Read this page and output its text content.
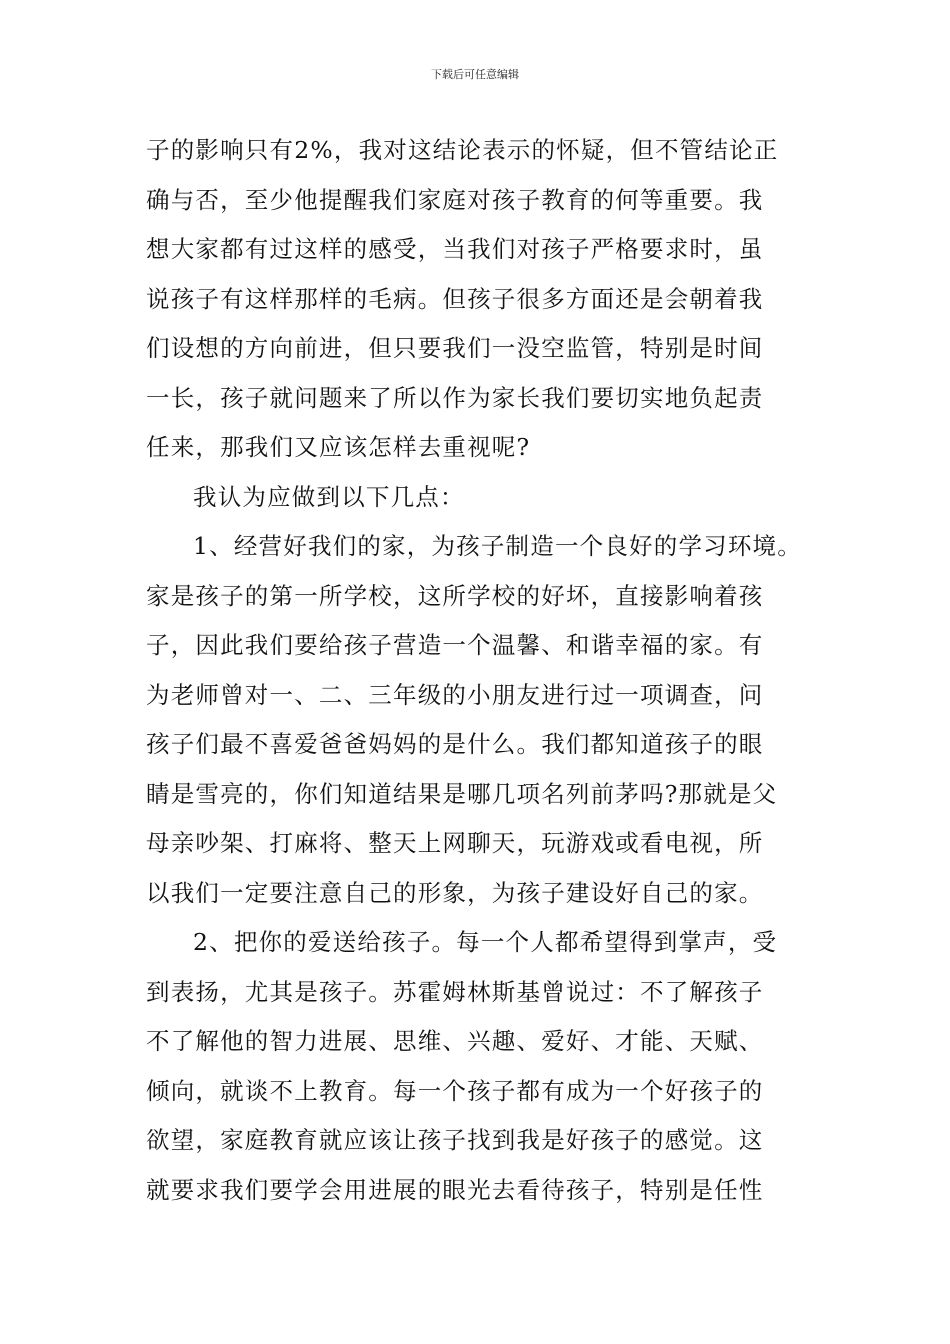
下载后可任意编辑
子的影响只有2%，我对这结论表示的怀疑，但不管结论正
确与否，至少他提醒我们家庭对孩子教育的何等重要。我
想大家都有过这样的感受，当我们对孩子严格要求时，虽
说孩子有这样那样的毛病。但孩子很多方面还是会朝着我
们设想的方向前进，但只要我们一没空监管，特别是时间
一长，孩子就问题来了所以作为家长我们要切实地负起责
任来，那我们又应该怎样去重视呢?
我认为应做到以下几点：
1、经营好我们的家，为孩子制造一个良好的学习环境。
家是孩子的第一所学校，这所学校的好坏，直接影响着孩
子，因此我们要给孩子营造一个温馨、和谐幸福的家。有
为老师曾对一、二、三年级的小朋友进行过一项调查，问
孩子们最不喜爱爸爸妈妈的是什么。我们都知道孩子的眼
睛是雪亮的，你们知道结果是哪几项名列前茅吗?那就是父
母亲吵架、打麻将、整天上网聊天，玩游戏或看电视，所
以我们一定要注意自己的形象，为孩子建设好自己的家。
2、把你的爱送给孩子。每一个人都希望得到掌声，受
到表扬，尤其是孩子。苏霍姆林斯基曾说过：不了解孩子
不了解他的智力进展、思维、兴趣、爱好、才能、天赋、
倾向，就谈不上教育。每一个孩子都有成为一个好孩子的
欲望，家庭教育就应该让孩子找到我是好孩子的感觉。这
就要求我们要学会用进展的眼光去看待孩子，特别是任性
